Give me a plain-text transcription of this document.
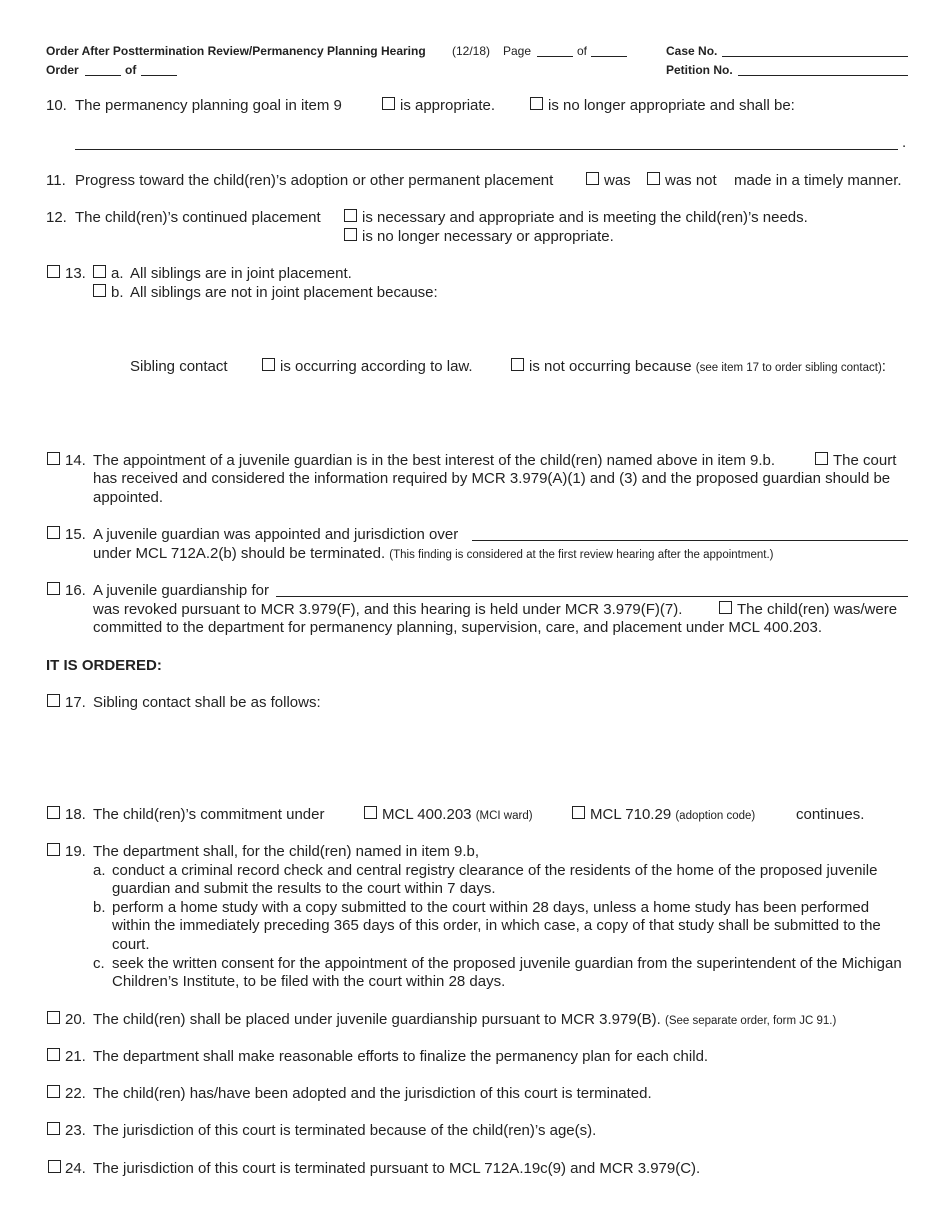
Order After Posttermination Review/Permanency Planning Hearing (12/18) Page	of	Case No.
Order	of	Petition No.
10. The permanency planning goal in item 9	is appropriate.	is no longer appropriate and shall be:
.
11. Progress toward the child(ren)’s adoption or other permanent placement	was was not made in a timely manner.
12. The child(ren)’s continued placement	is necessary and appropriate and is meeting the child(ren)’s needs.
is no longer necessary or appropriate.
13. a. All siblings are in joint placement.
b. All siblings are not in joint placement because:
Sibling contact	is occurring according to law.	is not occurring because (see item 17 to order sibling contact):
14. The appointment of a juvenile guardian is in the best interest of the child(ren) named above in item 9.b.	The court
has received and considered the information required by MCR 3.979(A)(1) and (3) and the proposed guardian should be
appointed.
15. A juvenile guardian was appointed and jurisdiction over
under MCL 712A.2(b) should be terminated. (This finding is considered at the first review hearing after the appointment.)
16. A juvenile guardianship for
was revoked pursuant to MCR 3.979(F), and this hearing is held under MCR 3.979(F)(7).	The child(ren) was/were
committed to the department for permanency planning, supervision, care, and placement under MCL 400.203.
IT IS ORDERED:
17. Sibling contact shall be as follows:
18. The child(ren)’s commitment under	MCL 400.203 (MCI ward)	MCL 710.29 (adoption code)	continues.
19. The department shall, for the child(ren) named in item 9.b,
a. conduct a criminal record check and central registry clearance of the residents of the home of the proposed juvenile
guardian and submit the results to the court within 7 days.
b. perform a home study with a copy submitted to the court within 28 days, unless a home study has been performed
within the immediately preceding 365 days of this order, in which case, a copy of that study shall be submitted to the
court.
c. seek the written consent for the appointment of the proposed juvenile guardian from the superintendent of the Michigan
Children’s Institute, to be filed with the court within 28 days.
20. The child(ren) shall be placed under juvenile guardianship pursuant to MCR 3.979(B). (See separate order, form JC 91.)
21. The department shall make reasonable efforts to finalize the permanency plan for each child.
22. The child(ren) has/have been adopted and the jurisdiction of this court is terminated.
23. The jurisdiction of this court is terminated because of the child(ren)’s age(s).
24. The jurisdiction of this court is terminated pursuant to MCL 712A.19c(9) and MCR 3.979(C).
